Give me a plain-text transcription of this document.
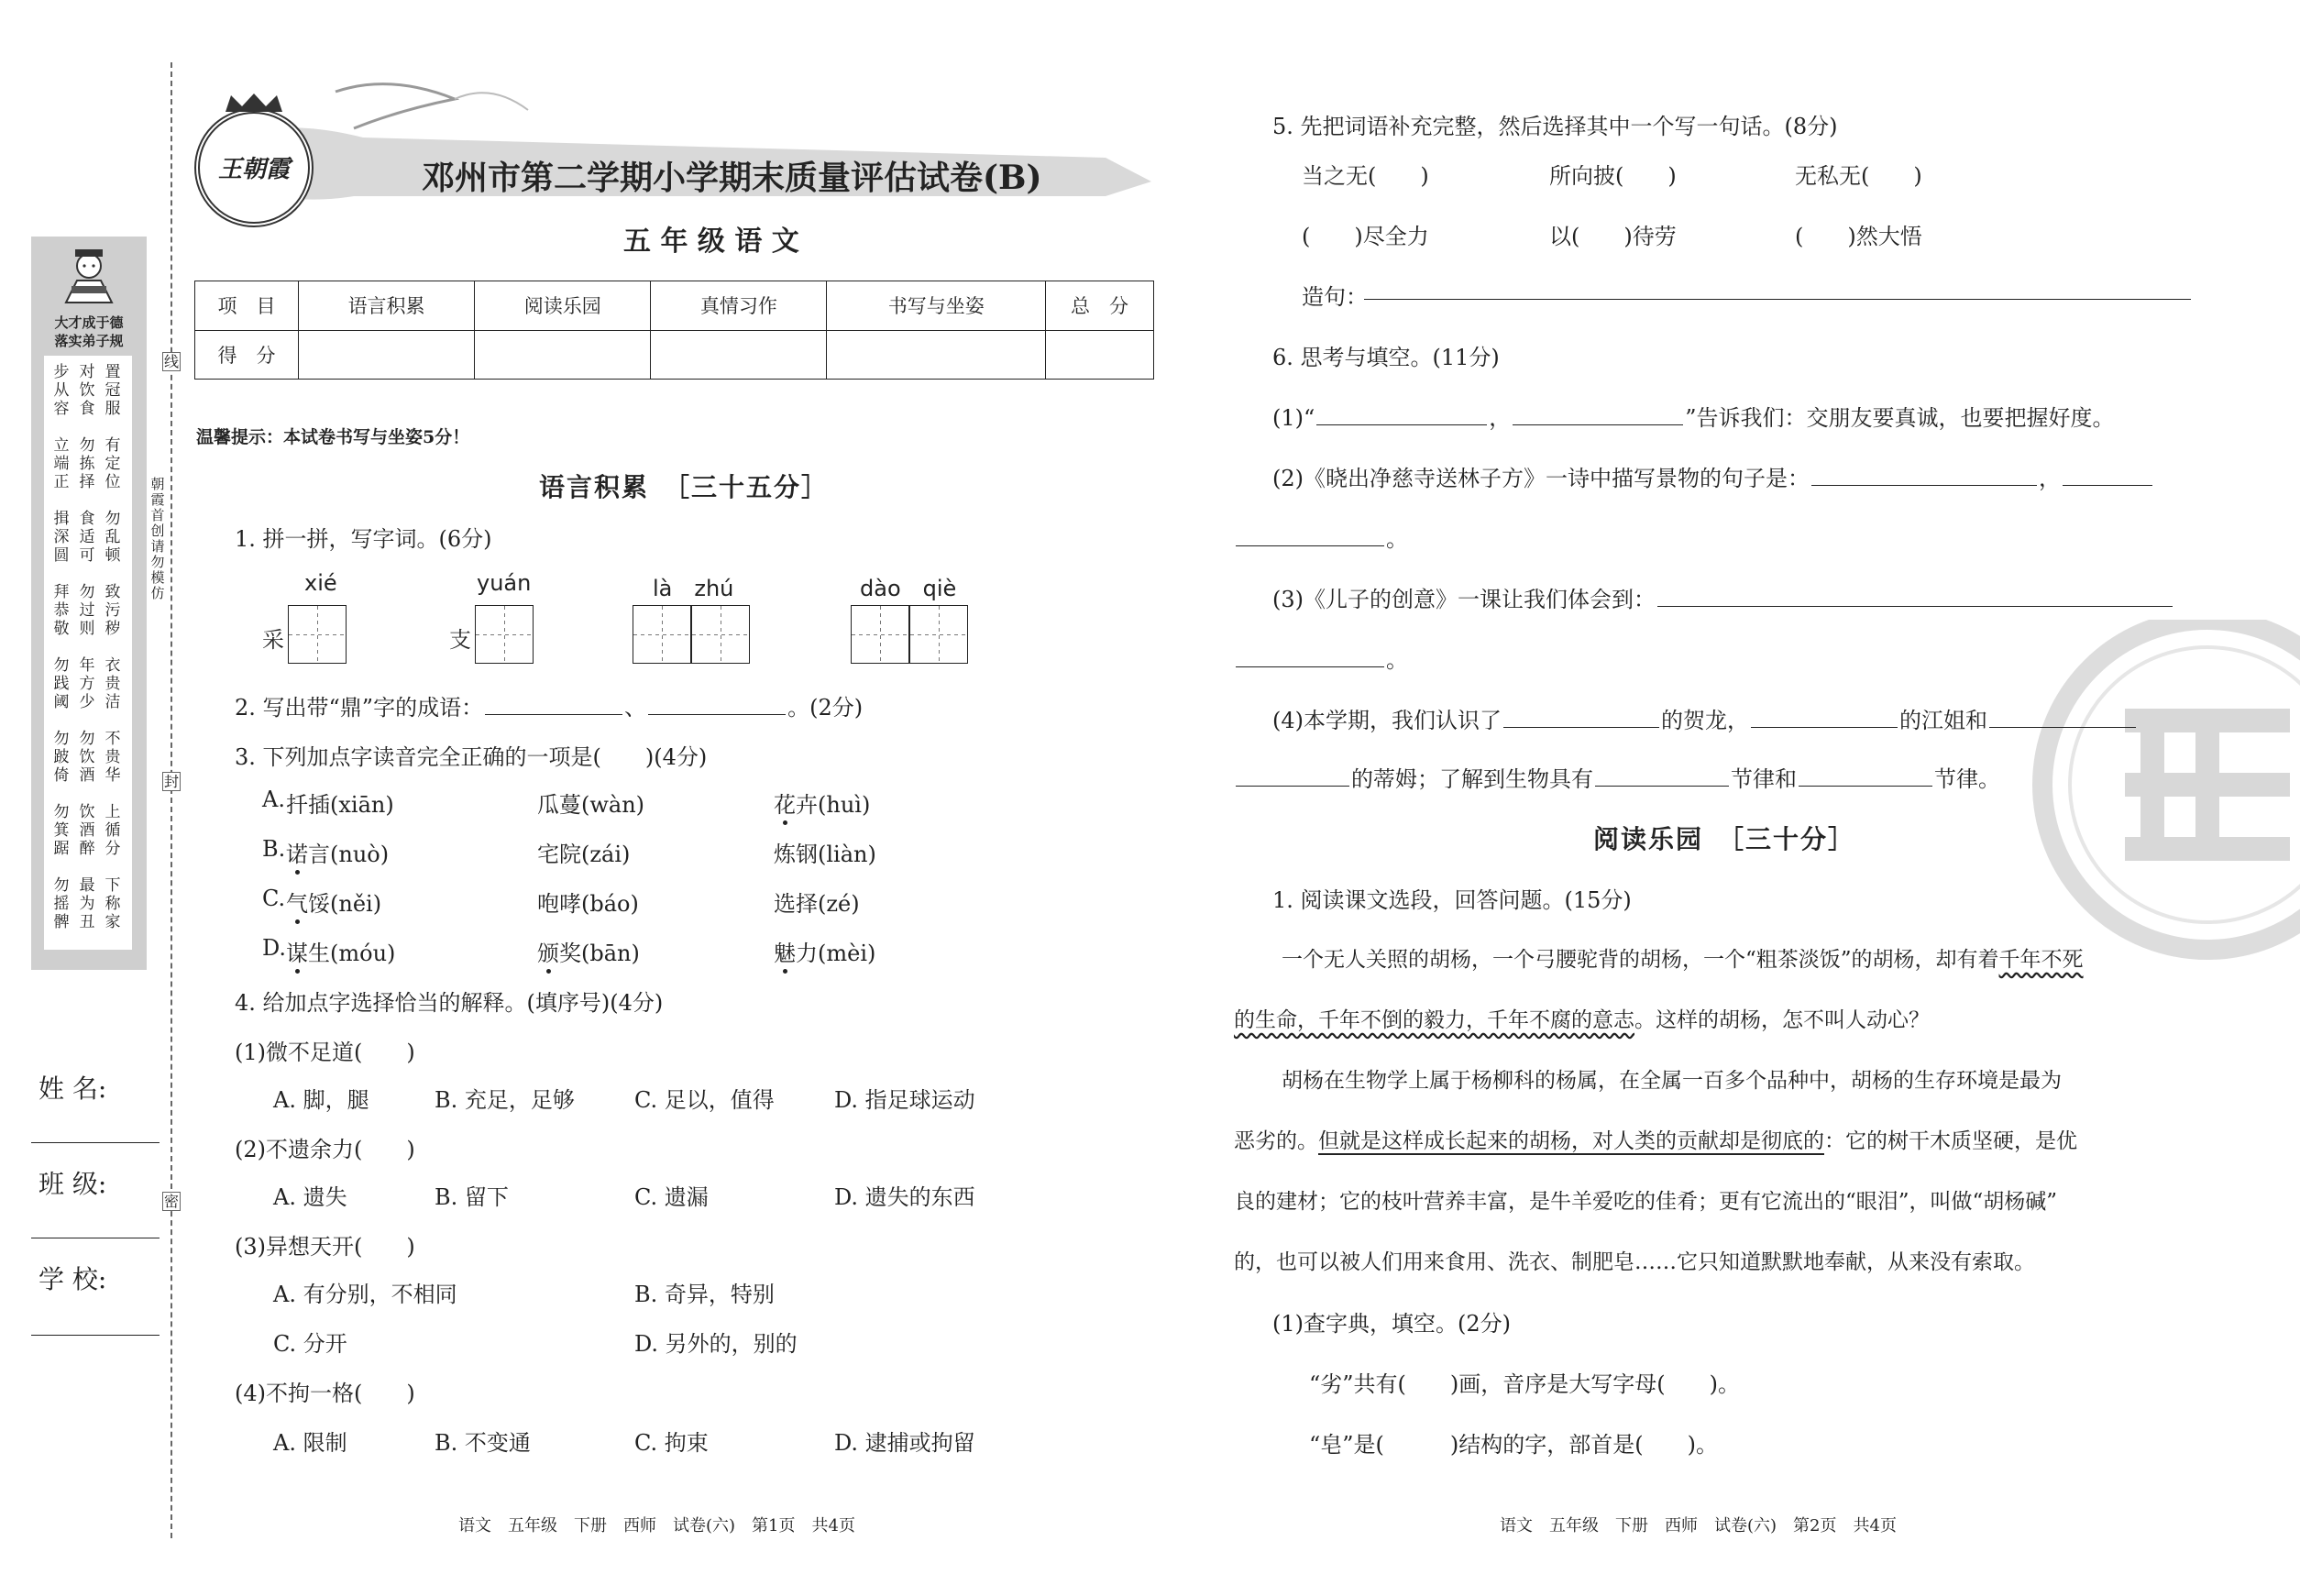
线
封
密
朝霞首创 请勿模仿
大才成于德
落实弟子规
步从容
对饮食
置冠服
立端正
勿拣择
有定位
揖深圆
食适可
勿乱顿
拜恭敬
勿过则
致污秽
勿践阈
年方少
衣贵洁
勿跛倚
勿饮酒
不贵华
勿箕踞
饮酒醉
上循分
勿摇髀
最为丑
下称家
姓 名:
班 级:
学 校:
王朝霞	邓州市第二学期小学期末质量评估试卷(B)
五 年 级 语 文
项　目	语言积累	阅读乐园	真情习作	书写与坐姿	总　分
得　分					
温馨提示：本试卷书写与坐姿5分！
语言积累　［三十五分］
1. 拼一拼，写字词。(6分)
xié
采
yuán
支
là　zhú	dào　qiè
2. 写出带“鼎”字的成语：	、	。(2分)
3. 下列加点字读音完全正确的一项是(　　)(4分)
A. 扦插(xiān)	瓜蔓(wàn)	花卉(huì)
B. 诺言(nuò)	宅院(zái)	炼钢(liàn)
C. 气馁(něi)	咆哮(báo)	选择(zé)
D. 谋生(móu)	颁奖(bān)	魅力(mèi)
4. 给加点字选择恰当的解释。(填序号)(4分)
(1)微不足道(　　)
(2)不遗余力(　　)
(3)异想天开(　　)
(4)不拘一格(　　)
A. 脚，腿	B. 充足，足够	C. 足以，值得	D. 指足球运动
A. 遗失	B. 留下	C. 遗漏	D. 遗失的东西
A. 有分别，不相同	B. 奇异，特别
C. 分开	D. 另外的，别的
A. 限制	B. 不变通	C. 拘束	D. 逮捕或拘留
语文　五年级　下册　西师　试卷(六)　第1页　共4页
5. 先把词语补充完整，然后选择其中一个写一句话。(8分)
当之无(　　)	所向披(　　)	无私无(　　)
(　　)尽全力	以(　　)待劳	(　　)然大悟
造句：
6. 思考与填空。(11分)
(1)“	，	”告诉我们：交朋友要真诚，也要把握好度。
(2)《晓出净慈寺送林子方》一诗中描写景物的句子是：	，
。
(3)《儿子的创意》一课让我们体会到：
。
(4)本学期，我们认识了	的贺龙，	的江姐和
的蒂姆；了解到生物具有	节律和	节律。
阅读乐园　［三十分］
1. 阅读课文选段，回答问题。(15分)
一个无人关照的胡杨，一个弓腰驼背的胡杨，一个“粗茶淡饭”的胡杨，却有着千年不死
的生命，千年不倒的毅力，千年不腐的意志。这样的胡杨，怎不叫人动心？
胡杨在生物学上属于杨柳科的杨属，在全属一百多个品种中，胡杨的生存环境是最为
恶劣的。但就是这样成长起来的胡杨，对人类的贡献却是彻底的：它的树干木质坚硬，是优
良的建材；它的枝叶营养丰富，是牛羊爱吃的佳肴；更有它流出的“眼泪”，叫做“胡杨碱”
的，也可以被人们用来食用、洗衣、制肥皂……它只知道默默地奉献，从来没有索取。
(1)查字典，填空。(2分)
“劣”共有(　　)画，音序是大写字母(　　)。
“皂”是(　　　)结构的字，部首是(　　)。
语文　五年级　下册　西师　试卷(六)　第2页　共4页
